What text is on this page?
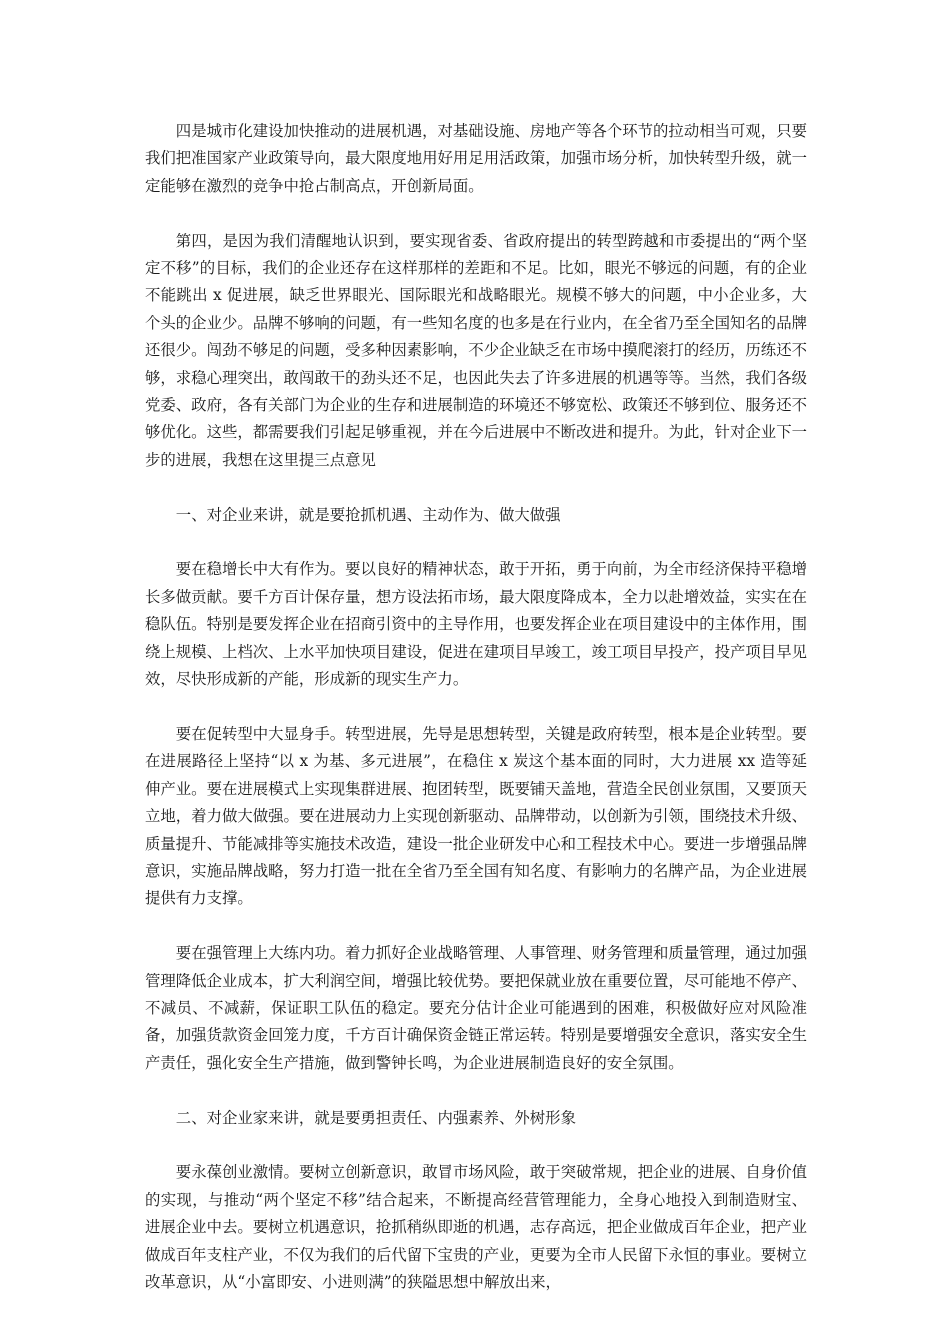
四是城市化建设加快推动的进展机遇，对基础设施、房地产等各个环节的拉动相当可观，只要我们把准国家产业政策导向，最大限度地用好用足用活政策，加强市场分析，加快转型升级，就一定能够在激烈的竞争中抢占制高点，开创新局面。

第四，是因为我们清醒地认识到，要实现省委、省政府提出的转型跨越和市委提出的“两个坚定不移”的目标，我们的企业还存在这样那样的差距和不足。比如，眼光不够远的问题，有的企业不能跳出 x 促进展，缺乏世界眼光、国际眼光和战略眼光。规模不够大的问题，中小企业多，大个头的企业少。品牌不够响的问题，有一些知名度的也多是在行业内，在全省乃至全国知名的品牌还很少。闯劲不够足的问题，受多种因素影响，不少企业缺乏在市场中摸爬滚打的经历，历练还不够，求稳心理突出，敢闯敢干的劲头还不足，也因此失去了许多进展的机遇等等。当然，我们各级党委、政府，各有关部门为企业的生存和进展制造的环境还不够宽松、政策还不够到位、服务还不够优化。这些，都需要我们引起足够重视，并在今后进展中不断改进和提升。为此，针对企业下一步的进展，我想在这里提三点意见

一、对企业来讲，就是要抢抓机遇、主动作为、做大做强

要在稳增长中大有作为。要以良好的精神状态，敢于开拓，勇于向前，为全市经济保持平稳增长多做贡献。要千方百计保存量，想方设法拓市场，最大限度降成本，全力以赴增效益，实实在在稳队伍。特别是要发挥企业在招商引资中的主导作用，也要发挥企业在项目建设中的主体作用，围绕上规模、上档次、上水平加快项目建设，促进在建项目早竣工，竣工项目早投产，投产项目早见效，尽快形成新的产能，形成新的现实生产力。

要在促转型中大显身手。转型进展，先导是思想转型，关键是政府转型，根本是企业转型。要在进展路径上坚持“以 x 为基、多元进展”，在稳住 x 炭这个基本面的同时，大力进展 xx 造等延伸产业。要在进展模式上实现集群进展、抱团转型，既要铺天盖地，营造全民创业氛围，又要顶天立地，着力做大做强。要在进展动力上实现创新驱动、品牌带动，以创新为引领，围绕技术升级、质量提升、节能减排等实施技术改造，建设一批企业研发中心和工程技术中心。要进一步增强品牌意识，实施品牌战略，努力打造一批在全省乃至全国有知名度、有影响力的名牌产品，为企业进展提供有力支撑。

要在强管理上大练内功。着力抓好企业战略管理、人事管理、财务管理和质量管理，通过加强管理降低企业成本，扩大利润空间，增强比较优势。要把保就业放在重要位置，尽可能地不停产、不减员、不减薪，保证职工队伍的稳定。要充分估计企业可能遇到的困难，积极做好应对风险准备，加强货款资金回笼力度，千方百计确保资金链正常运转。特别是要增强安全意识，落实安全生产责任，强化安全生产措施，做到警钟长鸣，为企业进展制造良好的安全氛围。

二、对企业家来讲，就是要勇担责任、内强素养、外树形象

要永葆创业激情。要树立创新意识，敢冒市场风险，敢于突破常规，把企业的进展、自身价值的实现，与推动“两个坚定不移”结合起来，不断提高经营管理能力，全身心地投入到制造财宝、进展企业中去。要树立机遇意识，抢抓稍纵即逝的机遇，志存高远，把企业做成百年企业，把产业做成百年支柱产业，不仅为我们的后代留下宝贵的产业，更要为全市人民留下永恒的事业。要树立改革意识，从“小富即安、小进则满”的狭隘思想中解放出来，
